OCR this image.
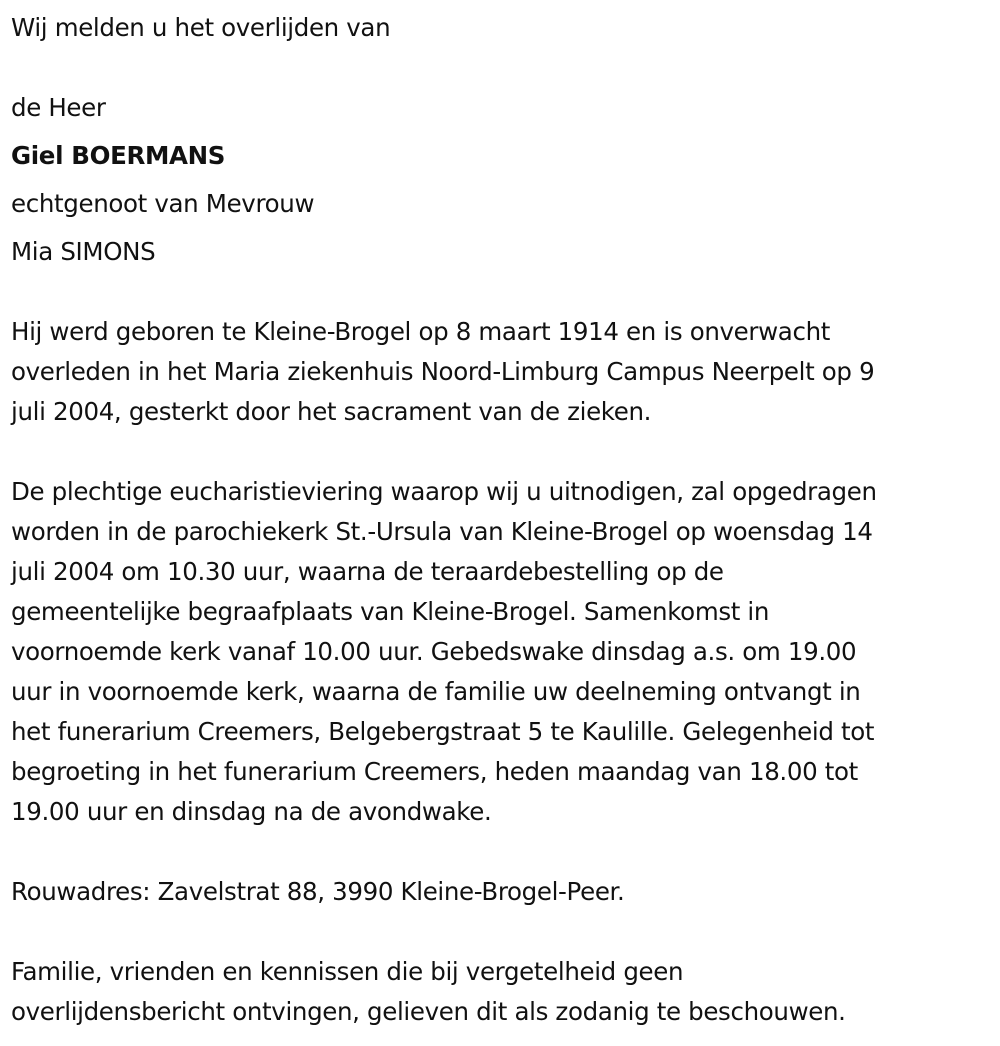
Wij melden u het overlijden van
de Heer
Giel BOERMANS
echtgenoot van Mevrouw
Mia SIMONS
Hij werd geboren te Kleine-Brogel op 8 maart 1914 en is onverwacht
overleden in het Maria ziekenhuis Noord-Limburg Campus Neerpelt op 9
juli 2004, gesterkt door het sacrament van de zieken.
De plechtige eucharistieviering waarop wij u uitnodigen, zal opgedragen
worden in de parochiekerk St.-Ursula van Kleine-Brogel op woensdag 14
juli 2004 om 10.30 uur, waarna de teraardebestelling op de
gemeentelijke begraafplaats van Kleine-Brogel. Samenkomst in
voornoemde kerk vanaf 10.00 uur. Gebedswake dinsdag a.s. om 19.00
uur in voornoemde kerk, waarna de familie uw deelneming ontvangt in
het funerarium Creemers, Belgebergstraat 5 te Kaulille. Gelegenheid tot
begroeting in het funerarium Creemers, heden maandag van 18.00 tot
19.00 uur en dinsdag na de avondwake.
Rouwadres: Zavelstrat 88, 3990 Kleine-Brogel-Peer.
Familie, vrienden en kennissen die bij vergetelheid geen
overlijdensbericht ontvingen, gelieven dit als zodanig te beschouwen.
